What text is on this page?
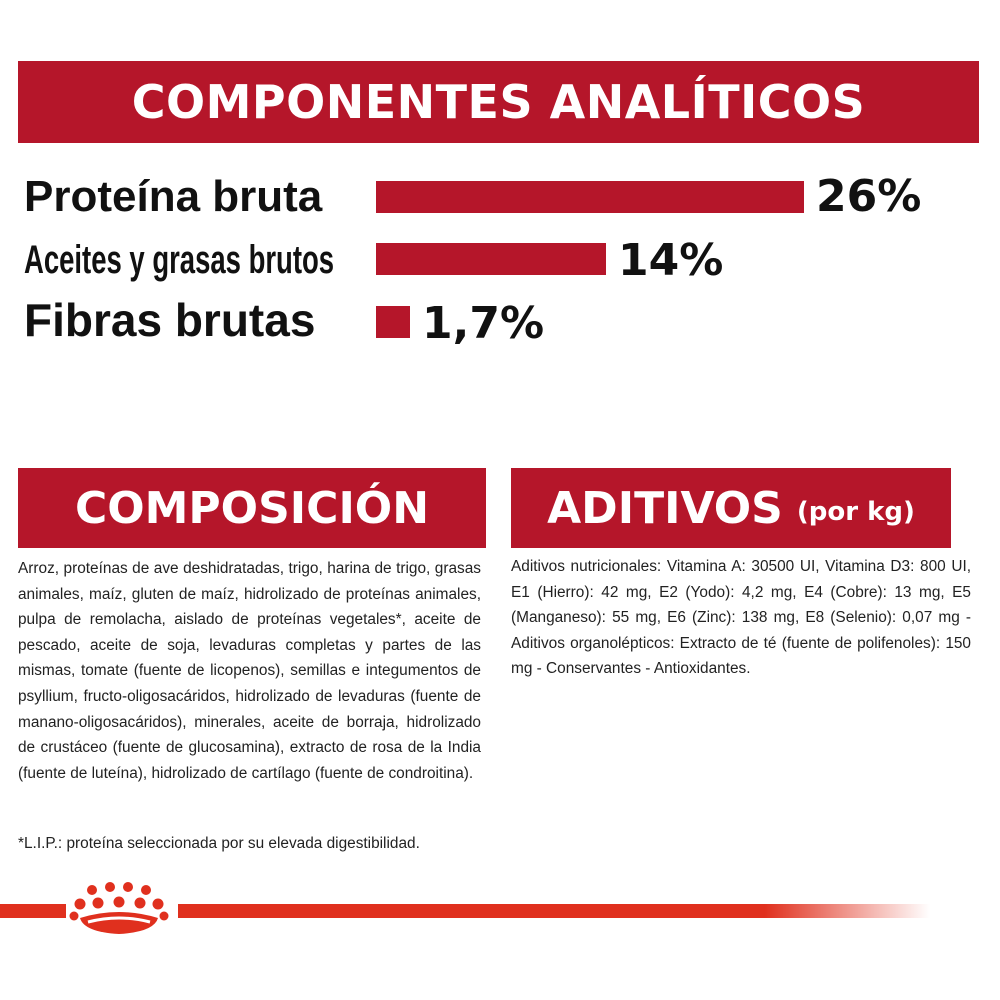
COMPONENTES ANALÍTICOS
Proteína bruta	26%
Aceites y grasas brutos	14%
Fibras brutas 1,7%
COMPOSICIÓN
Arroz, proteínas de ave deshidratadas, trigo, harina de trigo, grasas animales, maíz, gluten de maíz, hidrolizado de proteínas animales, pulpa de remolacha, aislado de proteínas vegetales*, aceite de pescado, aceite de soja, levaduras completas y partes de las mismas, tomate (fuente de licopenos), semillas e integumentos de psyllium, fructo-oligosacáridos, hidrolizado de levaduras (fuente de manano-oligosacáridos), minerales, aceite de borraja, hidrolizado de crustáceo (fuente de glucosamina), extracto de rosa de la India (fuente de luteína), hidrolizado de cartílago (fuente de condroitina).
*L.I.P.: proteína seleccionada por su elevada digestibilidad.
ADITIVOS (por kg)
Aditivos nutricionales: Vitamina A: 30500 UI, Vitamina D3: 800 UI, E1 (Hierro): 42 mg, E2 (Yodo): 4,2 mg, E4 (Cobre): 13 mg, E5 (Manganeso): 55 mg, E6 (Zinc): 138 mg, E8 (Selenio): 0,07 mg - Aditivos organolépticos: Extracto de té (fuente de polifenoles): 150 mg - Conservantes - Antioxidantes.
